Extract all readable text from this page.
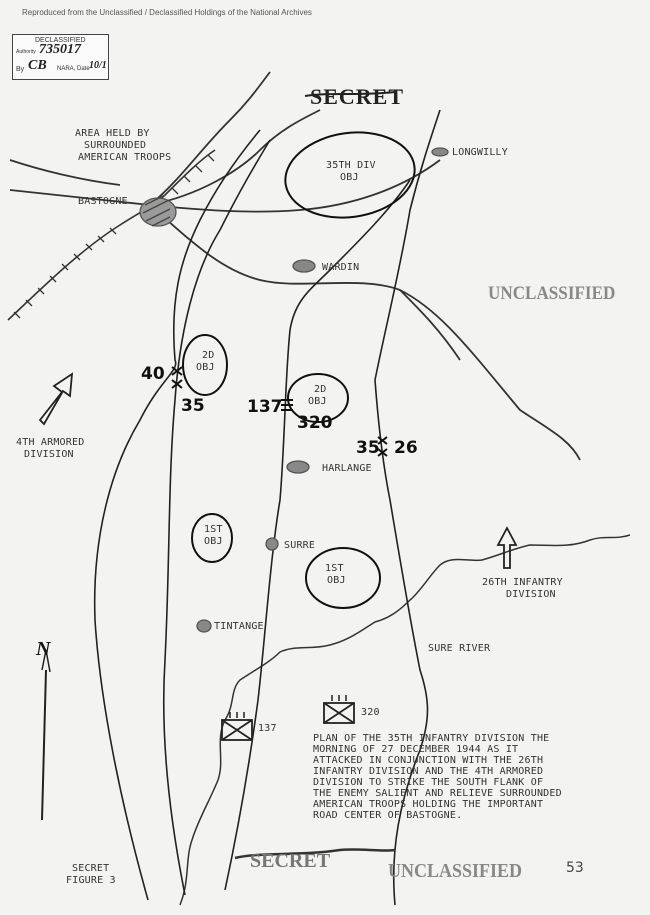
Reproduced from the Unclassified / Declassified Holdings of the National Archives
DECLASSIFIED
Authority 735017
By CB NARA, Date 10/1
SECRET
UNCLASSIFIED
UNCLASSIFIED
SECRET
AREA HELD BY
SURROUNDED
AMERICAN TROOPS
BASTOGNE
LONGWILLY
WARDIN
HARLANGE
SURRE
TINTANGE
SURE RIVER
35TH DIV
OBJ
2D
OBJ
2D
OBJ
1ST
OBJ
1ST
OBJ
40
35 137
320
35 26
4TH ARMORED
DIVISION
26TH INFANTRY
DIVISION
137
320
N
PLAN OF THE 35TH INFANTRY DIVISION THE
MORNING OF 27 DECEMBER 1944 AS IT
ATTACKED IN CONJUNCTION WITH THE 26TH
INFANTRY DIVISION AND THE 4TH ARMORED
DIVISION TO STRIKE THE SOUTH FLANK OF
THE ENEMY SALIENT AND RELIEVE SURROUNDED
AMERICAN TROOPS HOLDING THE IMPORTANT
ROAD CENTER OF BASTOGNE.
SECRET
FIGURE 3
53
